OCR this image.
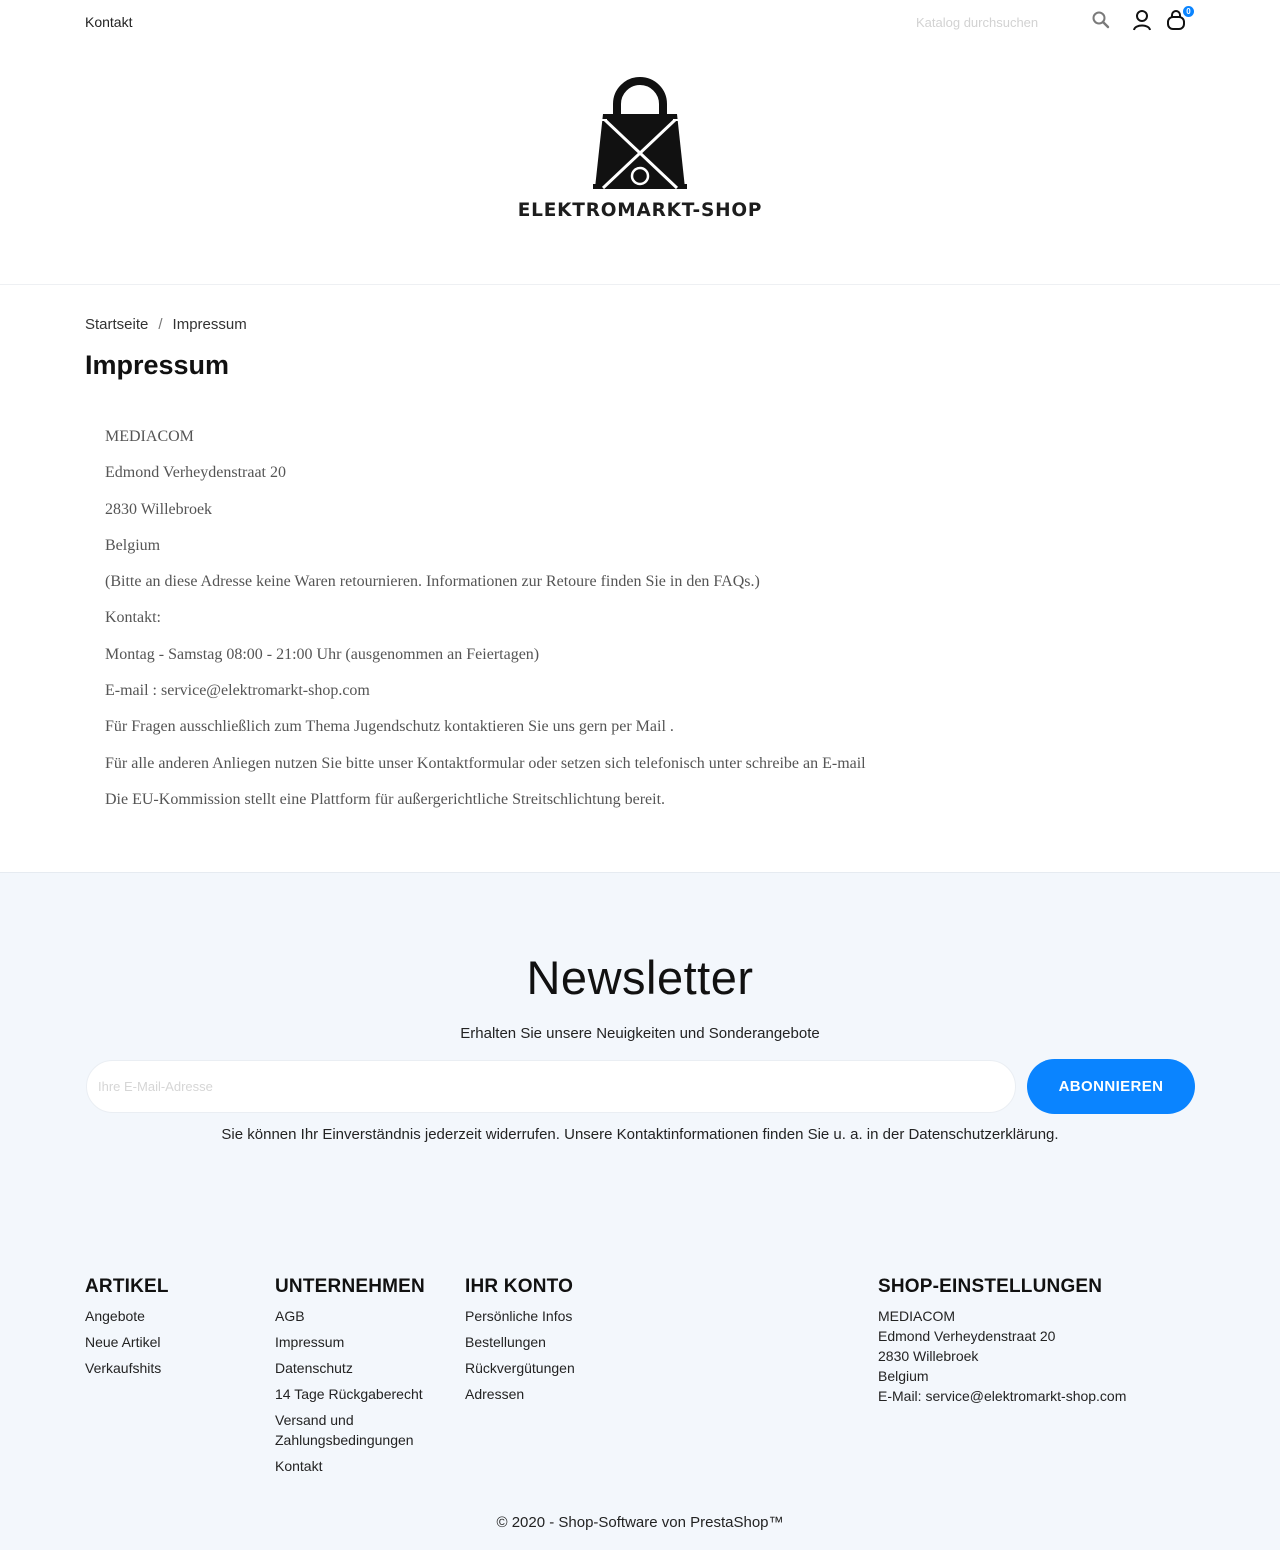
Kontakt
Katalog durchsuchen
0
ELEKTROMARKT-SHOP
Startseite / Impressum
Impressum

MEDIACOM

Edmond Verheydenstraat 20

2830 Willebroek

Belgium

(Bitte an diese Adresse keine Waren retournieren. Informationen zur Retoure finden Sie in den FAQs.)

Kontakt:

Montag - Samstag 08:00 - 21:00 Uhr (ausgenommen an Feiertagen)

E-mail : service@elektromarkt-shop.com

Für Fragen ausschließlich zum Thema Jugendschutz kontaktieren Sie uns gern per Mail .

Für alle anderen Anliegen nutzen Sie bitte unser Kontaktformular oder setzen sich telefonisch unter schreibe an E-mail

Die EU-Kommission stellt eine Plattform für außergerichtliche Streitschlichtung bereit.

Newsletter
Erhalten Sie unsere Neuigkeiten und Sonderangebote
Ihre E-Mail-Adresse
ABONNIEREN
Sie können Ihr Einverständnis jederzeit widerrufen. Unsere Kontaktinformationen finden Sie u. a. in der Datenschutzerklärung.
ARTIKEL
Angebote
Neue Artikel
Verkaufshits
UNTERNEHMEN
AGB
Impressum
Datenschutz
14 Tage Rückgaberecht
Versand und Zahlungsbedingungen
Kontakt
IHR KONTO
Persönliche Infos
Bestellungen
Rückvergütungen
Adressen
SHOP-EINSTELLUNGEN
MEDIACOM
Edmond Verheydenstraat 20
2830 Willebroek
Belgium
E-Mail: service@elektromarkt-shop.com
© 2020 - Shop-Software von PrestaShop™
